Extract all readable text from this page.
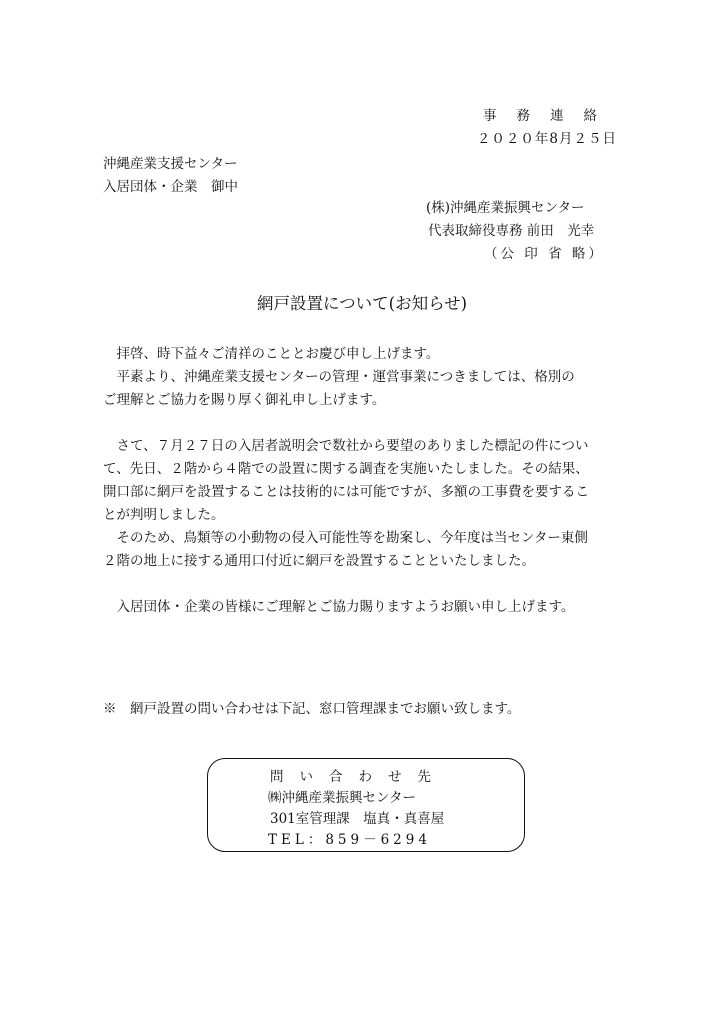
事務連絡
２０２０年8月２５日
沖縄産業支援センター
入居団体・企業　御中
(株)沖縄産業振興センター
代表取締役専務 前田　光幸
（公 印 省 略）
網戸設置について(お知らせ)

　拝啓、時下益々ご清祥のこととお慶び申し上げます。

　平素より、沖縄産業支援センターの管理・運営事業につきましては、格別の

ご理解とご協力を賜り厚く御礼申し上げます。

　さて、７月２７日の入居者説明会で数社から要望のありました標記の件につい

て、先日、２階から４階での設置に関する調査を実施いたしました。その結果、

開口部に網戸を設置することは技術的には可能ですが、多額の工事費を要するこ

とが判明しました。

　そのため、鳥類等の小動物の侵入可能性等を勘案し、今年度は当センター東側

２階の地上に接する通用口付近に網戸を設置することといたしました。

　入居団体・企業の皆様にご理解とご協力賜りますようお願い申し上げます。

※　網戸設置の問い合わせは下記、窓口管理課までお願い致します。
問い合わせ先
㈱沖縄産業振興センター
301室管理課　塩真・真喜屋
TEL：859－6294
